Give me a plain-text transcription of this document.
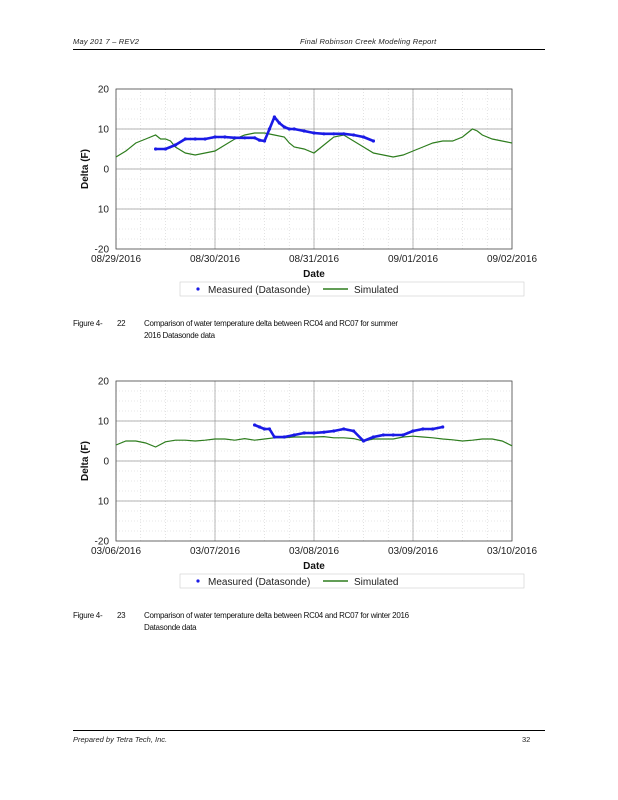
May 201 7 – REV2	Final Robinson Creek Modeling Report
-20
10
0
10
20
08/29/2016	08/30/2016	08/31/2016	09/01/2016	09/02/2016
Date
Delta (F)
Measured (Datasonde)	Simulated
Figure 4- 22 Comparison of water temperature delta between RC04 and RC07 for summer 2016 Datasonde data
-20
10
0
10
20
03/06/2016	03/07/2016	03/08/2016	03/09/2016	03/10/2016
Date
Delta (F)
Measured (Datasonde)	Simulated
Figure 4- 23 Comparison of water temperature delta between RC04 and RC07 for winter 2016 Datasonde data
Prepared by Tetra Tech, Inc.	32
